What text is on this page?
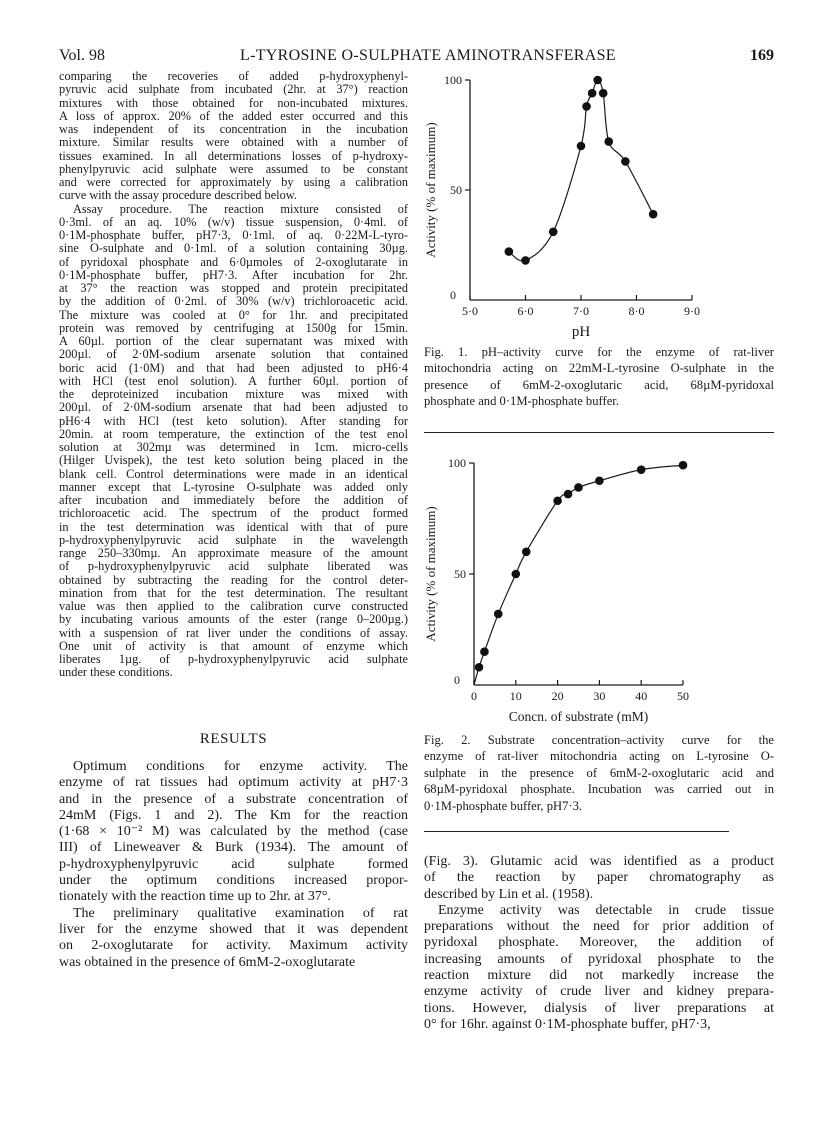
Vol. 98	L-TYROSINE O-SULPHATE AMINOTRANSFERASE	169
comparing the recoveries of added p-hydroxyphenyl-
pyruvic acid sulphate from incubated (2hr. at 37°) reaction
mixtures with those obtained for non-incubated mixtures.
A loss of approx. 20% of the added ester occurred and this
was independent of its concentration in the incubation
mixture. Similar results were obtained with a number of
tissues examined. In all determinations losses of p-hydroxy-
phenylpyruvic acid sulphate were assumed to be constant
and were corrected for approximately by using a calibration
curve with the assay procedure described below.
Assay procedure. The reaction mixture consisted of
0·3ml. of an aq. 10% (w/v) tissue suspension, 0·4ml. of
0·1M-phosphate buffer, pH7·3, 0·1ml. of aq. 0·22M-L-tyro-
sine O-sulphate and 0·1ml. of a solution containing 30µg.
of pyridoxal phosphate and 6·0µmoles of 2-oxoglutarate in
0·1M-phosphate buffer, pH7·3. After incubation for 2hr.
at 37° the reaction was stopped and protein precipitated
by the addition of 0·2ml. of 30% (w/v) trichloroacetic acid.
The mixture was cooled at 0° for 1hr. and precipitated
protein was removed by centrifuging at 1500g for 15min.
A 60µl. portion of the clear supernatant was mixed with
200µl. of 2·0M-sodium arsenate solution that contained
boric acid (1·0M) and that had been adjusted to pH6·4
with HCl (test enol solution). A further 60µl. portion of
the deproteinized incubation mixture was mixed with
200µl. of 2·0M-sodium arsenate that had been adjusted to
pH6·4 with HCl (test keto solution). After standing for
20min. at room temperature, the extinction of the test enol
solution at 302mµ was determined in 1cm. micro-cells
(Hilger Uvispek), the test keto solution being placed in the
blank cell. Control determinations were made in an identical
manner except that L-tyrosine O-sulphate was added only
after incubation and immediately before the addition of
trichloroacetic acid. The spectrum of the product formed
in the test determination was identical with that of pure
p-hydroxyphenylpyruvic acid sulphate in the wavelength
range 250–330mµ. An approximate measure of the amount
of p-hydroxyphenylpyruvic acid sulphate liberated was
obtained by subtracting the reading for the control deter-
mination from that for the test determination. The resultant
value was then applied to the calibration curve constructed
by incubating various amounts of the ester (range 0–200µg.)
with a suspension of rat liver under the conditions of assay.
One unit of activity is that amount of enzyme which
liberates 1µg. of p-hydroxyphenylpyruvic acid sulphate
under these conditions.
RESULTS
Optimum conditions for enzyme activity. The
enzyme of rat tissues had optimum activity at pH7·3
and in the presence of a substrate concentration of
24mM (Figs. 1 and 2). The Km for the reaction
(1·68 × 10⁻² M) was calculated by the method (case
III) of Lineweaver & Burk (1934). The amount of
p-hydroxyphenylpyruvic acid sulphate formed
under the optimum conditions increased propor-
tionately with the reaction time up to 2hr. at 37°.
The preliminary qualitative examination of rat
liver for the enzyme showed that it was dependent
on 2-oxoglutarate for activity. Maximum activity
was obtained in the presence of 6mM-2-oxoglutarate
5·0	6·0	7·0	8·0	9·0
0
50
100
pH
Activity (% of maximum)
Fig. 1. pH–activity curve for the enzyme of rat-liver
mitochondria acting on 22mM-L-tyrosine O-sulphate in the
presence of 6mM-2-oxoglutaric acid, 68µM-pyridoxal
phosphate and 0·1M-phosphate buffer.
0	10 20 30 40 50
0
50
100
Concn. of substrate (mM)
Activity (% of maximum)
Fig. 2. Substrate concentration–activity curve for the
enzyme of rat-liver mitochondria acting on L-tyrosine O-
sulphate in the presence of 6mM-2-oxoglutaric acid and
68µM-pyridoxal phosphate. Incubation was carried out in
0·1M-phosphate buffer, pH7·3.
(Fig. 3). Glutamic acid was identified as a product
of the reaction by paper chromatography as
described by Lin et al. (1958).
Enzyme activity was detectable in crude tissue
preparations without the need for prior addition of
pyridoxal phosphate. Moreover, the addition of
increasing amounts of pyridoxal phosphate to the
reaction mixture did not markedly increase the
enzyme activity of crude liver and kidney prepara-
tions. However, dialysis of liver preparations at
0° for 16hr. against 0·1M-phosphate buffer, pH7·3,
